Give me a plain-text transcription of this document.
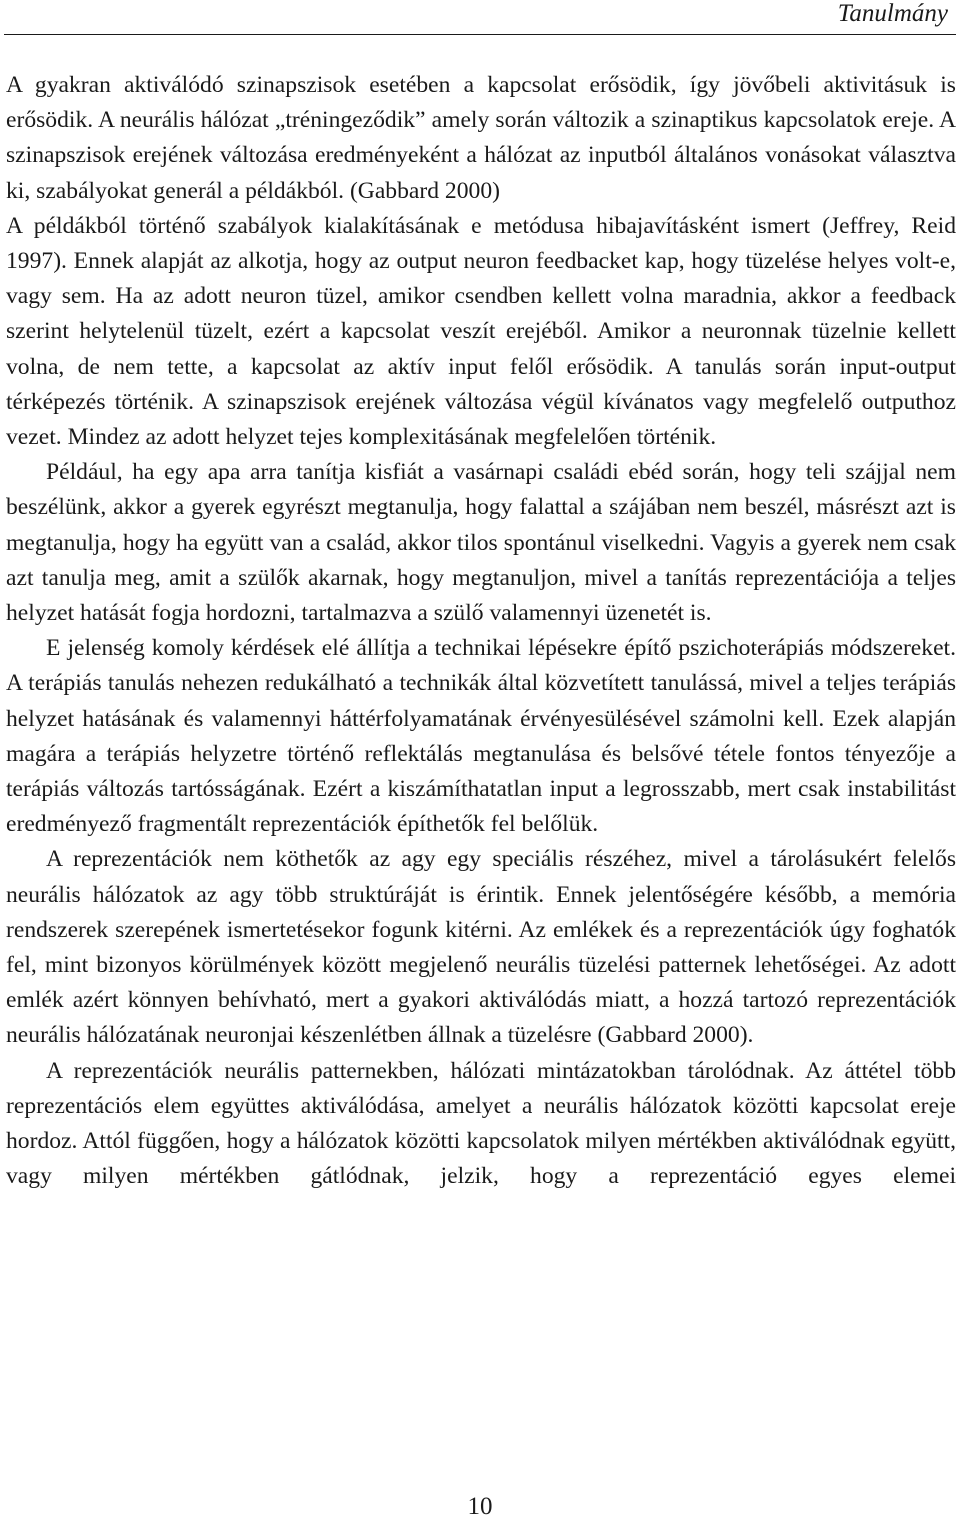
Tanulmány

A gyakran aktiválódó szinapszisok esetében a kapcsolat erősödik, így jövőbeli aktivitásuk is erősödik. A neurális hálózat „tréningeződik” amely során változik a szinaptikus kapcsolatok ereje. A szinapszisok erejének változása eredményeként a hálózat az inputból általános vonásokat választva ki, szabályokat generál a példákból. (Gabbard 2000)

A példákból történő szabályok kialakításának e metódusa hibajavításként ismert (Jeffrey, Reid 1997). Ennek alapját az alkotja, hogy az output neuron feedbacket kap, hogy tüzelése helyes volt-e, vagy sem. Ha az adott neuron tüzel, amikor csendben kellett volna maradnia, akkor a feedback szerint helytelenül tüzelt, ezért a kapcsolat veszít erejéből. Amikor a neuronnak tüzelnie kellett volna, de nem tette, a kapcsolat az aktív input felől erősödik. A tanulás során input-output térképezés történik. A szinapszisok erejének változása végül kívánatos vagy megfelelő outputhoz vezet. Mindez az adott helyzet tejes komplexitásának megfelelően történik.

Például, ha egy apa arra tanítja kisfiát a vasárnapi családi ebéd során, hogy teli szájjal nem beszélünk, akkor a gyerek egyrészt megtanulja, hogy falattal a szájában nem beszél, másrészt azt is megtanulja, hogy ha együtt van a család, akkor tilos spontánul viselkedni. Vagyis a gyerek nem csak azt tanulja meg, amit a szülők akarnak, hogy megtanuljon, mivel a tanítás reprezentációja a teljes helyzet hatását fogja hordozni, tartalmazva a szülő valamennyi üzenetét is.

E jelenség komoly kérdések elé állítja a technikai lépésekre építő pszichoterápiás módszereket. A terápiás tanulás nehezen redukálható a technikák által közvetített tanulássá, mivel a teljes terápiás helyzet hatásának és valamennyi háttérfolyamatának érvényesülésével számolni kell. Ezek alapján magára a terápiás helyzetre történő reflektálás megtanulása és belsővé tétele fontos tényezője a terápiás változás tartósságának. Ezért a kiszámíthatatlan input a legrosszabb, mert csak instabilitást eredményező fragmentált reprezentációk építhetők fel belőlük.

A reprezentációk nem köthetők az agy egy speciális részéhez, mivel a tárolásukért felelős neurális hálózatok az agy több struktúráját is érintik. Ennek jelentőségére később, a memória rendszerek szerepének ismertetésekor fogunk kitérni. Az emlékek és a reprezentációk úgy foghatók fel, mint bizonyos körülmények között megjelenő neurális tüzelési patternek lehetőségei. Az adott emlék azért könnyen behívható, mert a gyakori aktiválódás miatt, a hozzá tartozó reprezentációk neurális hálózatának neuronjai készenlétben állnak a tüzelésre (Gabbard 2000).

A reprezentációk neurális patternekben, hálózati mintázatokban tárolódnak. Az áttétel több reprezentációs elem együttes aktiválódása, amelyet a neurális hálózatok közötti kapcsolat ereje hordoz. Attól függően, hogy a hálózatok közötti kapcsolatok milyen mértékben aktiválódnak együtt, vagy milyen mértékben gátlódnak, jelzik, hogy a reprezentáció egyes elemei

10
